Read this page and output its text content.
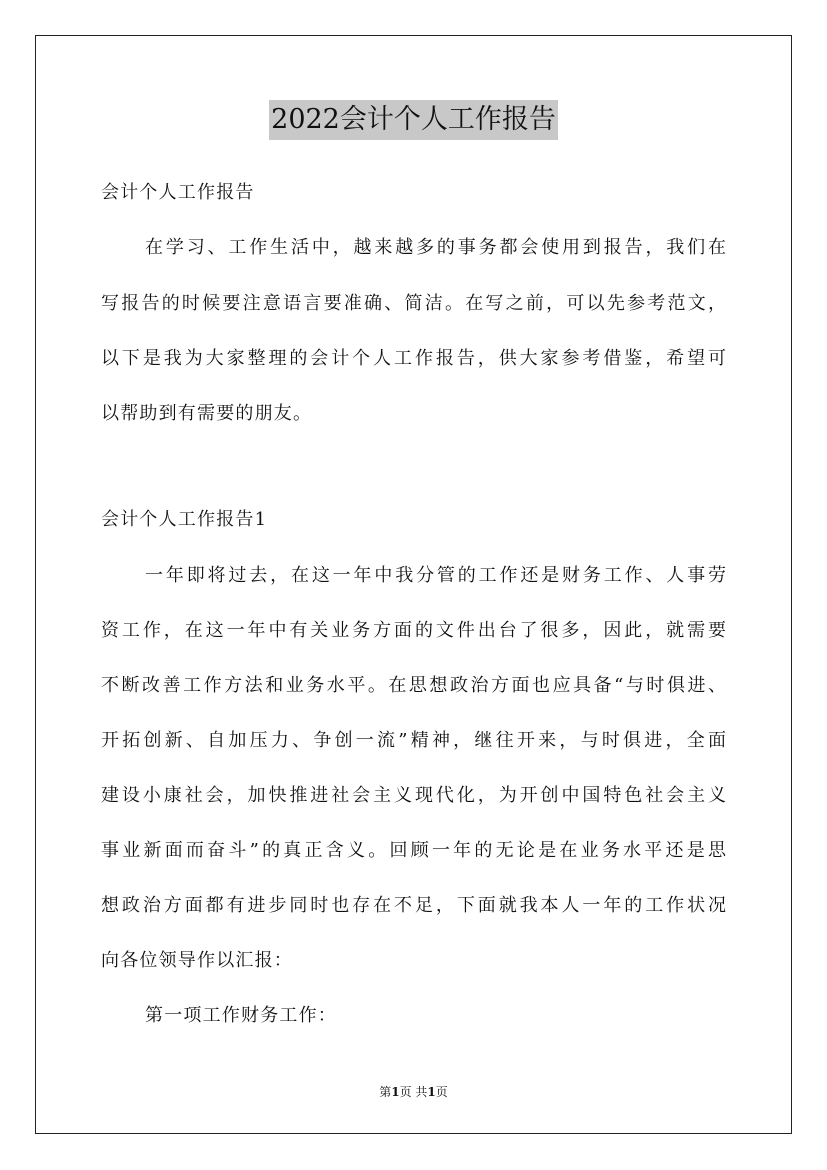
2022会计个人工作报告
会计个人工作报告
在学习、工作生活中，越来越多的事务都会使用到报告，我们在
写报告的时候要注意语言要准确、简洁。在写之前，可以先参考范文，
以下是我为大家整理的会计个人工作报告，供大家参考借鉴，希望可
以帮助到有需要的朋友。
会计个人工作报告1
一年即将过去，在这一年中我分管的工作还是财务工作、人事劳
资工作，在这一年中有关业务方面的文件出台了很多，因此，就需要
不断改善工作方法和业务水平。在思想政治方面也应具备“与时俱进、
开拓创新、自加压力、争创一流”精神，继往开来，与时俱进，全面
建设小康社会，加快推进社会主义现代化，为开创中国特色社会主义
事业新面而奋斗”的真正含义。回顾一年的无论是在业务水平还是思
想政治方面都有进步同时也存在不足，下面就我本人一年的工作状况
向各位领导作以汇报：
第一项工作财务工作：
第1页 共1页
